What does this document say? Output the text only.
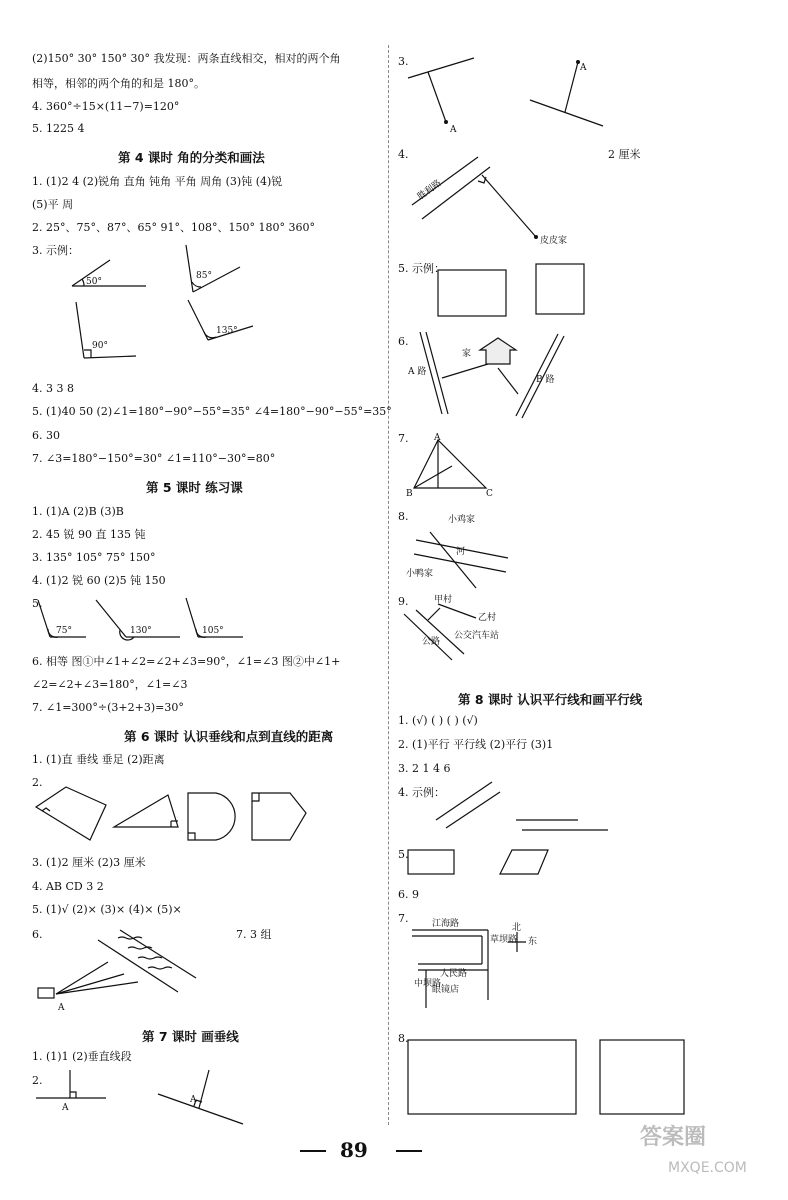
(2)150° 30° 150° 30° 我发现：两条直线相交，相对的两个角
相等，相邻的两个角的和是 180°。
4. 360°÷15×(11−7)=120°
5. 1225 4
第 4 课时 角的分类和画法
1. (1)2 4 (2)锐角 直角 钝角 平角 周角 (3)钝 (4)锐
(5)平 周
2. 25°、75°、87°、65° 91°、108°、150° 180° 360°
3. 示例：
50°
85°
90°
135°
4. 3 3 8
5. (1)40 50 (2)∠1=180°−90°−55°=35° ∠4=180°−90°−55°=35°
6. 30
7. ∠3=180°−150°=30° ∠1=110°−30°=80°
第 5 课时 练习课
1. (1)A (2)B (3)B
2. 45 锐 90 直 135 钝
3. 135° 105° 75° 150°
4. (1)2 锐 60 (2)5 钝 150
5.
75°	130°	105°
6. 相等 图①中∠1+∠2=∠2+∠3=90°，∠1=∠3 图②中∠1+
∠2=∠2+∠3=180°，∠1=∠3
7. ∠1=300°÷(3+2+3)=30°
第 6 课时 认识垂线和点到直线的距离
1. (1)直 垂线 垂足 (2)距离
2.
3. (1)2 厘米 (2)3 厘米
4. AB CD 3 2
5. (1)√ (2)× (3)× (4)× (5)×
6.	7. 3 组
A
第 7 课时 画垂线
1. (1)1 (2)垂直线段
2.
A
A
3.
A
A
4.	2 厘米
胜利路
皮皮家
5. 示例：
6.
家
A 路
B 路
7.	A
B	C
8.	小鸡家
河
小鸭家
9.	甲村
乙村
公交汽车站
公路
第 8 课时 认识平行线和画平行线
1. (√) ( ) ( ) (√)
2. (1)平行 平行线 (2)平行 (3)1
3. 2 1 4 6
4. 示例：
5.
6. 9
7.	江海路
草坝路
人民路
中坝路
眼镜店
北
东
8.
89	答案圈
MXQE.COM
